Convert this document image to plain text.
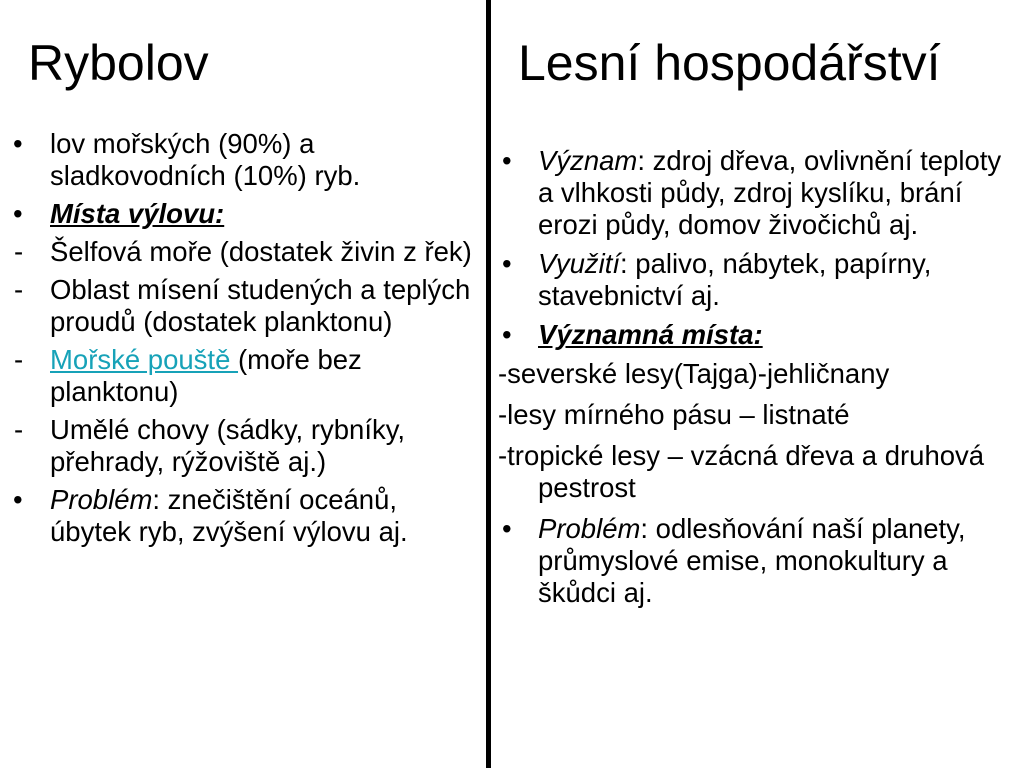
Rybolov	Lesní hospodářství
• lov mořských (90%) a sladkovodních (10%) ryb.
• Místa výlovu:
- Šelfová moře (dostatek živin z řek)
- Oblast mísení studených a teplých proudů (dostatek planktonu)
- Mořské pouště (moře bez planktonu)
- Umělé chovy (sádky, rybníky, přehrady, rýžoviště aj.)
• Problém: znečištění oceánů, úbytek ryb, zvýšení výlovu aj.
• Význam: zdroj dřeva, ovlivnění teploty a vlhkosti půdy, zdroj kyslíku, brání erozi půdy, domov živočichů aj.
• Využití: palivo, nábytek, papírny, stavebnictví aj.
• Významná místa:
-severské lesy(Tajga)-jehličnany
-lesy mírného pásu – listnaté
-tropické lesy – vzácná dřeva a druhová pestrost
• Problém: odlesňování naší planety, průmyslové emise, monokultury a škůdci aj.
